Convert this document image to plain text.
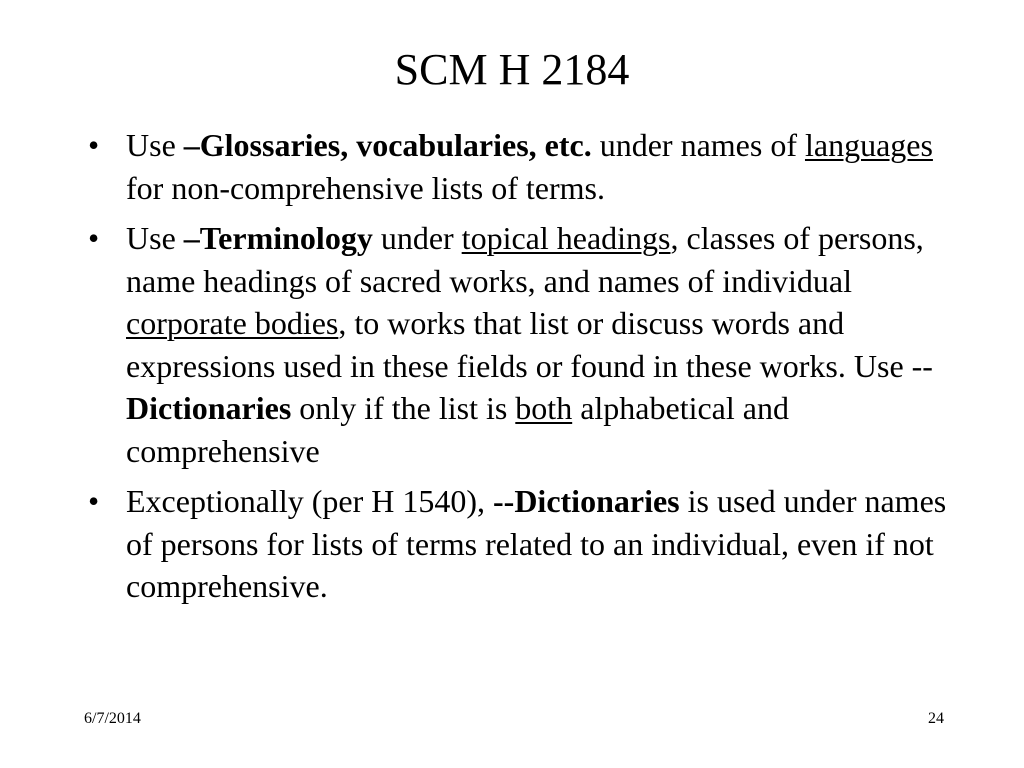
SCM H 2184
• Use –Glossaries, vocabularies, etc. under names of languages for non-comprehensive lists of terms.
• Use –Terminology under topical headings, classes of persons, name headings of sacred works, and names of individual corporate bodies, to works that list or discuss words and expressions used in these fields or found in these works. Use --Dictionaries only if the list is both alphabetical and comprehensive
• Exceptionally (per H 1540), --Dictionaries is used under names of persons for lists of terms related to an individual, even if not comprehensive.
6/7/2014	24
